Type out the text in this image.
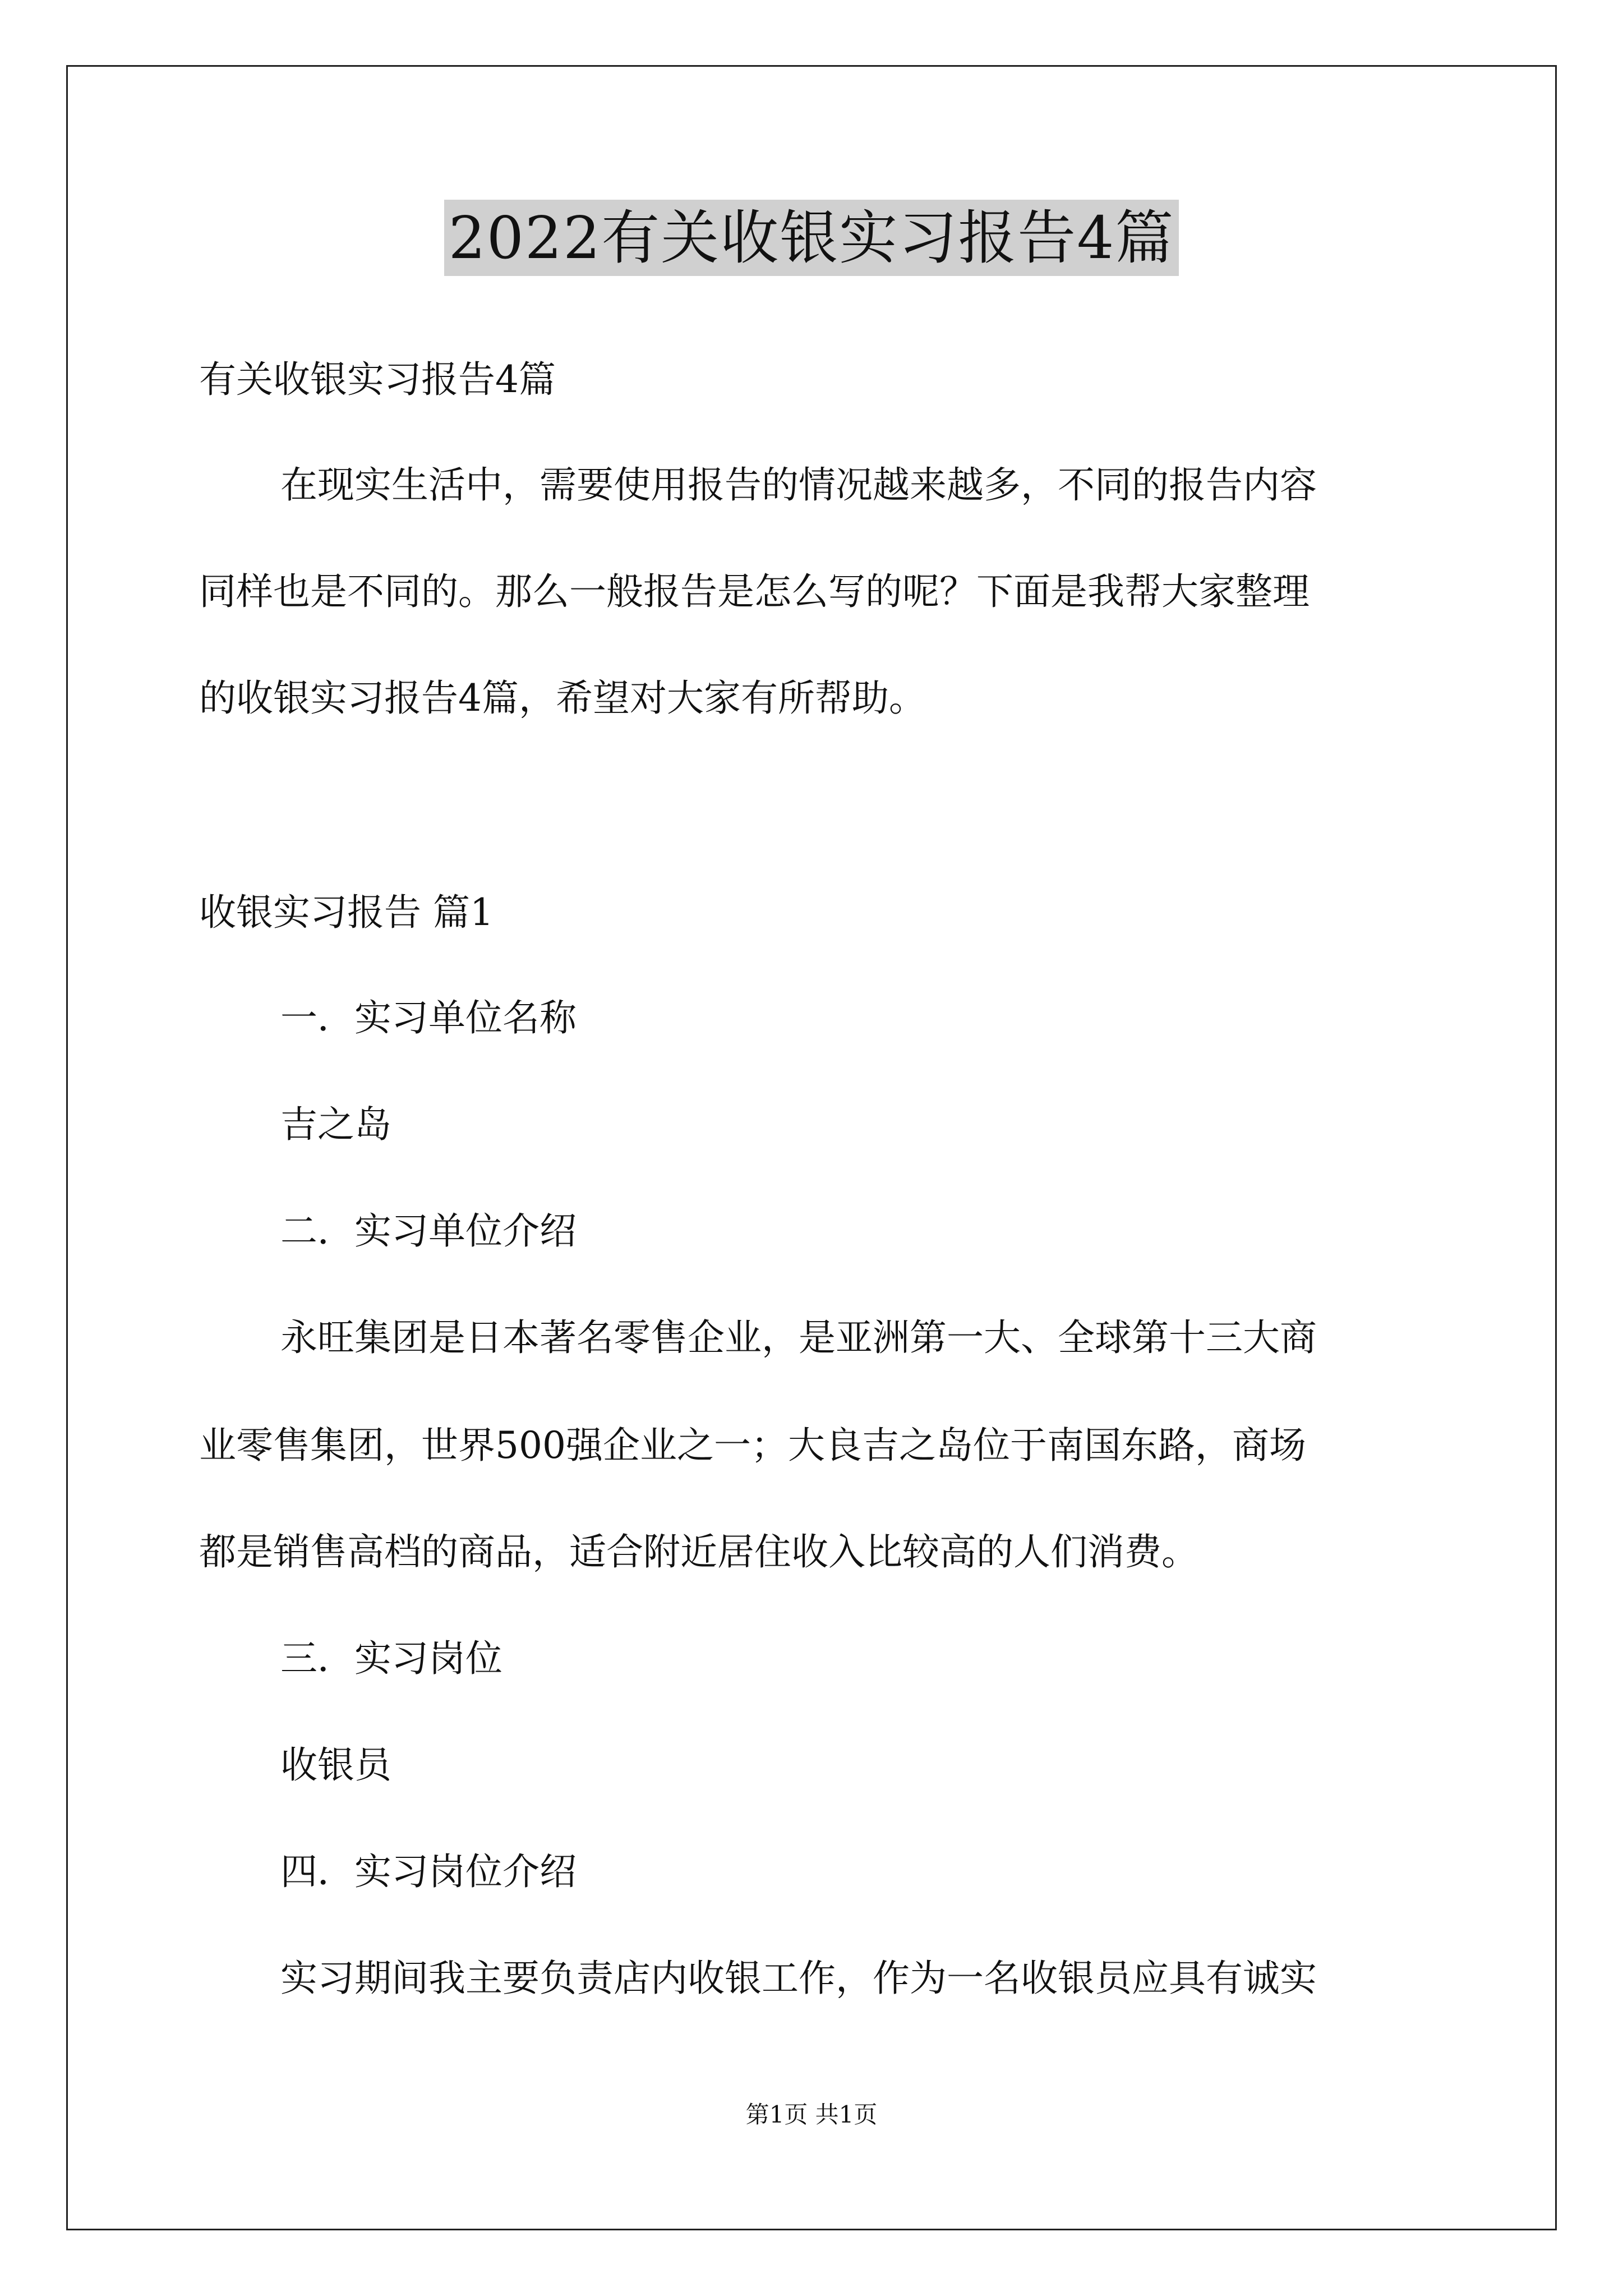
2022有关收银实习报告4篇
有关收银实习报告4篇
在现实生活中，需要使用报告的情况越来越多，不同的报告内容
同样也是不同的。那么一般报告是怎么写的呢？下面是我帮大家整理
的收银实习报告4篇，希望对大家有所帮助。
收银实习报告 篇1
一．实习单位名称
吉之岛
二．实习单位介绍
永旺集团是日本著名零售企业，是亚洲第一大、全球第十三大商
业零售集团，世界500强企业之一；大良吉之岛位于南国东路，商场
都是销售高档的商品，适合附近居住收入比较高的人们消费。
三．实习岗位
收银员
四．实习岗位介绍
实习期间我主要负责店内收银工作，作为一名收银员应具有诚实
第1页 共1页
